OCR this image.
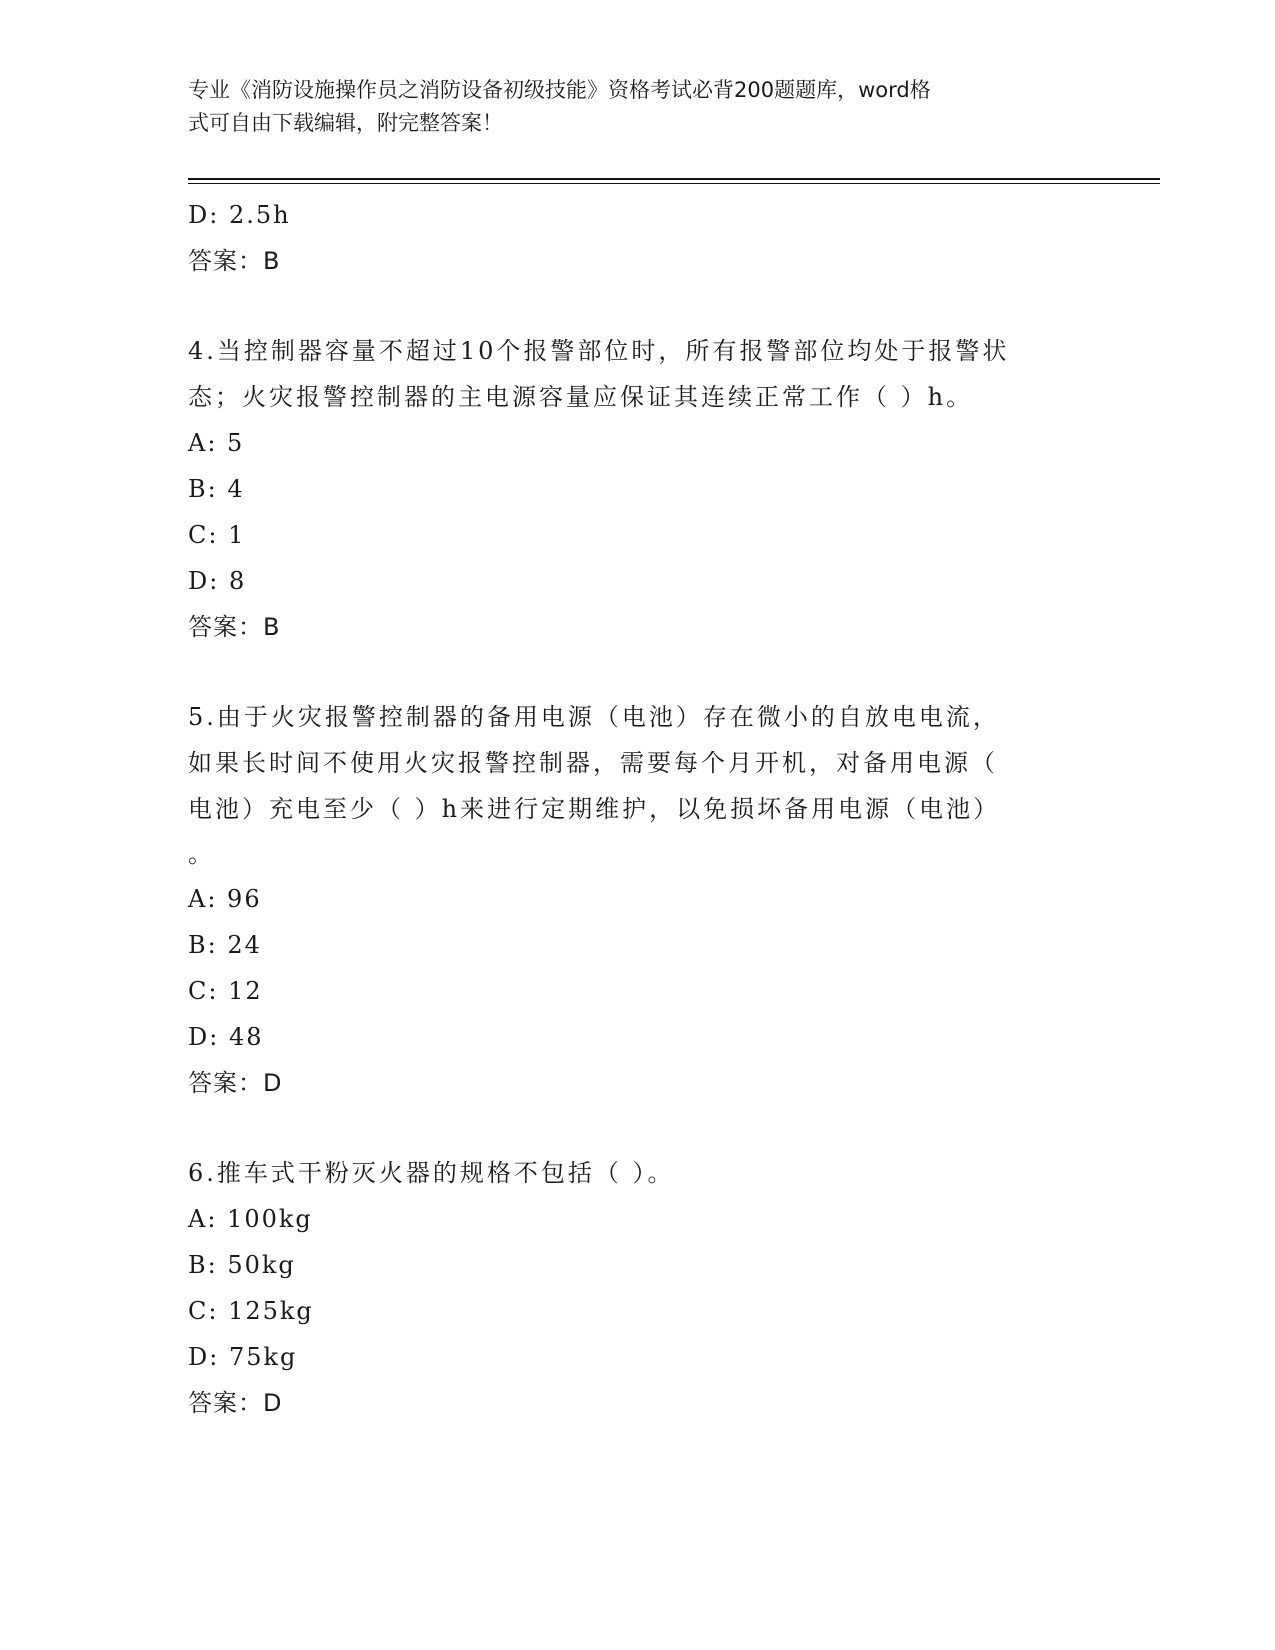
专业《消防设施操作员之消防设备初级技能》资格考试必背200题题库，word格
式可自由下载编辑，附完整答案！
D: 2.5h
答案：B
4.当控制器容量不超过10个报警部位时，所有报警部位均处于报警状
态；火灾报警控制器的主电源容量应保证其连续正常工作（ ）h。
A: 5
B: 4
C: 1
D: 8
答案：B
5.由于火灾报警控制器的备用电源（电池）存在微小的自放电电流，
如果长时间不使用火灾报警控制器，需要每个月开机，对备用电源（
电池）充电至少（ ）h来进行定期维护，以免损坏备用电源（电池）
。
A: 96
B: 24
C: 12
D: 48
答案：D
6.推车式干粉灭火器的规格不包括（ ）。
A: 100kg
B: 50kg
C: 125kg
D: 75kg
答案：D
